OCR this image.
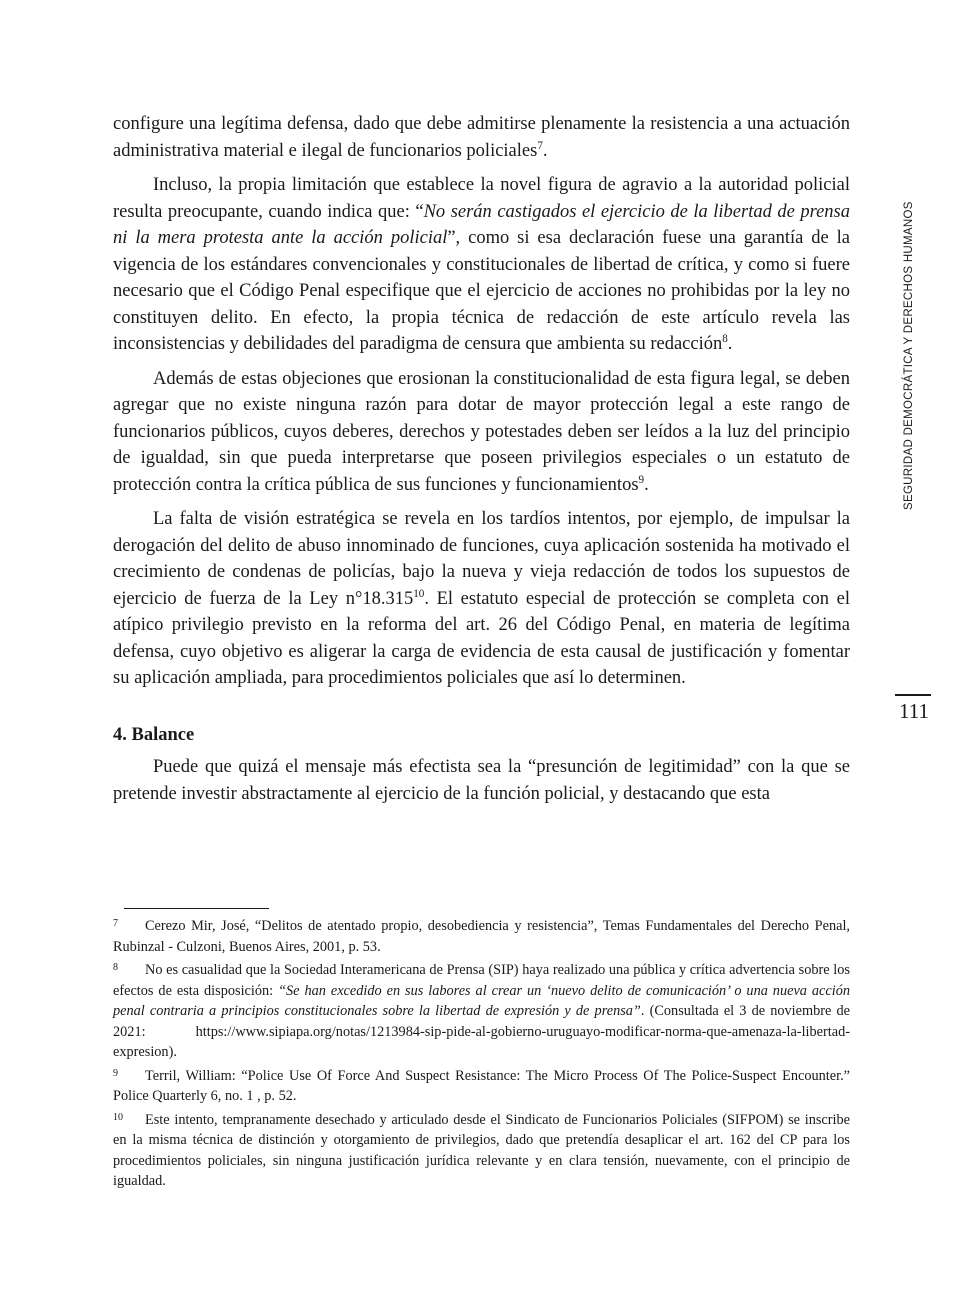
configure una legítima defensa, dado que debe admitirse plenamente la resistencia a una actuación administrativa material e ilegal de funcionarios policiales$^7$.

Incluso, la propia limitación que establece la novel figura de agravio a la autoridad policial resulta preocupante, cuando indica que: “No serán castigados el ejercicio de la libertad de prensa ni la mera protesta ante la acción policial”, como si esa declaración fuese una garantía de la vigencia de los estándares convencionales y constitucionales de libertad de crítica, y como si fuere necesario que el Código Penal especifique que el ejercicio de acciones no prohibidas por la ley no constituyen delito. En efecto, la propia técnica de redacción de este artículo revela las inconsistencias y debilidades del paradigma de censura que ambienta su redacción$^8$.

Además de estas objeciones que erosionan la constitucionalidad de esta figura legal, se deben agregar que no existe ninguna razón para dotar de mayor protección legal a este rango de funcionarios públicos, cuyos deberes, derechos y potestades deben ser leídos a la luz del principio de igualdad, sin que pueda interpretarse que poseen privilegios especiales o un estatuto de protección contra la crítica pública de sus funciones y funcionamientos$^9$.

La falta de visión estratégica se revela en los tardíos intentos, por ejemplo, de impulsar la derogación del delito de abuso innominado de funciones, cuya aplicación sostenida ha motivado el crecimiento de condenas de policías, bajo la nueva y vieja redacción de todos los supuestos de ejercicio de fuerza de la Ley n°18.315$^{10}$. El estatuto especial de protección se completa con el atípico privilegio previsto en la reforma del art. 26 del Código Penal, en materia de legítima defensa, cuyo objetivo es aligerar la carga de evidencia de esta causal de justificación y fomentar su aplicación ampliada, para procedimientos policiales que así lo determinen.

4. Balance

Puede que quizá el mensaje más efectista sea la “presunción de legitimidad” con la que se pretende investir abstractamente al ejercicio de la función policial, y destacando que esta

7 Cerezo Mir, José, “Delitos de atentado propio, desobediencia y resistencia”, Temas Fundamentales del Derecho Penal, Rubinzal - Culzoni, Buenos Aires, 2001, p. 53.

8 No es casualidad que la Sociedad Interamericana de Prensa (SIP) haya realizado una pública y crítica advertencia sobre los efectos de esta disposición: “Se han excedido en sus labores al crear un ‘nuevo delito de comunicación’ o una nueva acción penal contraria a principios constitucionales sobre la libertad de expresión y de prensa”. (Consultada el 3 de noviembre de 2021: https://www.sipiapa.org/notas/1213984-sip-pide-al-gobierno-uruguayo-modificar-norma-que-amenaza-la-libertad-expresion).

9 Terril, William: “Police Use Of Force And Suspect Resistance: The Micro Process Of The Police-Suspect Encounter.” Police Quarterly 6, no. 1 , p. 52.

10 Este intento, tempranamente desechado y articulado desde el Sindicato de Funcionarios Policiales (SIFPOM) se inscribe en la misma técnica de distinción y otorgamiento de privilegios, dado que pretendía desaplicar el art. 162 del CP para los procedimientos policiales, sin ninguna justificación jurídica relevante y en clara tensión, nuevamente, con el principio de igualdad.

SEGURIDAD DEMOCRÁTICA Y DERECHOS HUMANOS
111
